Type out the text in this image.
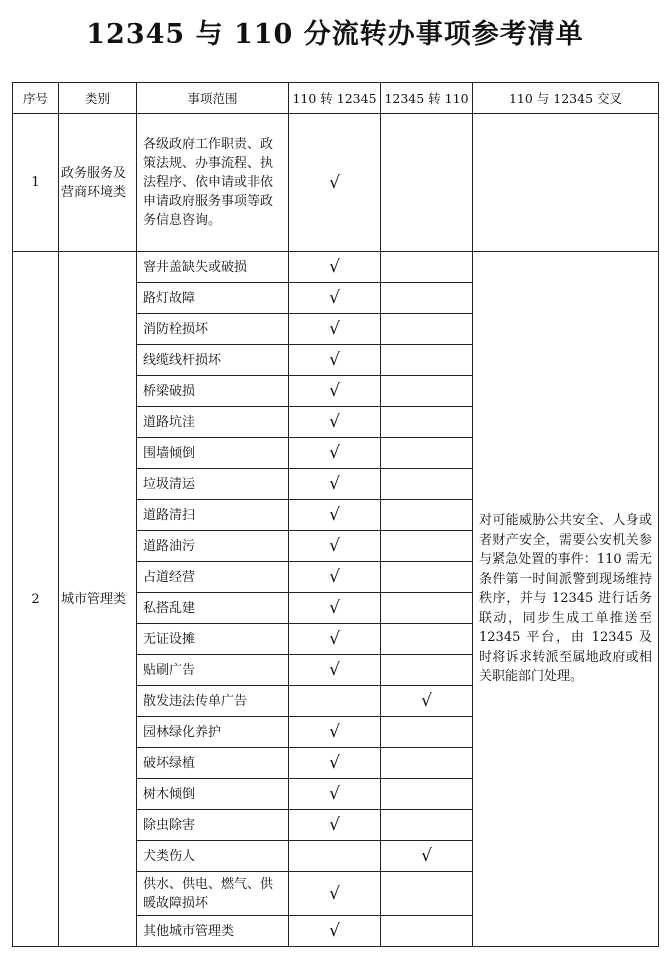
12345 与 110 分流转办事项参考清单
序号	类别	事项范围	110 转 12345	12345 转 110	110 与 12345 交叉
1	政务服务及营商环境类	各级政府工作职责、政策法规、办事流程、执法程序、依申请或非依申请政府服务事项等政务信息咨询。	√		
2	城市管理类	窨井盖缺失或破损	√		对可能威胁公共安全、人身或者财产安全，需要公安机关参与紧急处置的事件：110 需无条件第一时间派警到现场维持秩序，并与 12345 进行话务联动，同步生成工单推送至 12345 平台，由 12345 及时将诉求转派至属地政府或相关职能部门处理。
		路灯故障	√		
		消防栓损坏	√		
		线缆线杆损坏	√		
		桥梁破损	√		
		道路坑洼	√		
		围墙倾倒	√		
		垃圾清运	√		
		道路清扫	√		
		道路油污	√		
		占道经营	√		
		私搭乱建	√		
		无证设摊	√		
		贴刷广告	√		
		散发违法传单广告		√	
		园林绿化养护	√		
		破坏绿植	√		
		树木倾倒	√		
		除虫除害	√		
		犬类伤人		√	
		供水、供电、燃气、供暖故障损坏	√		
		其他城市管理类	√		
